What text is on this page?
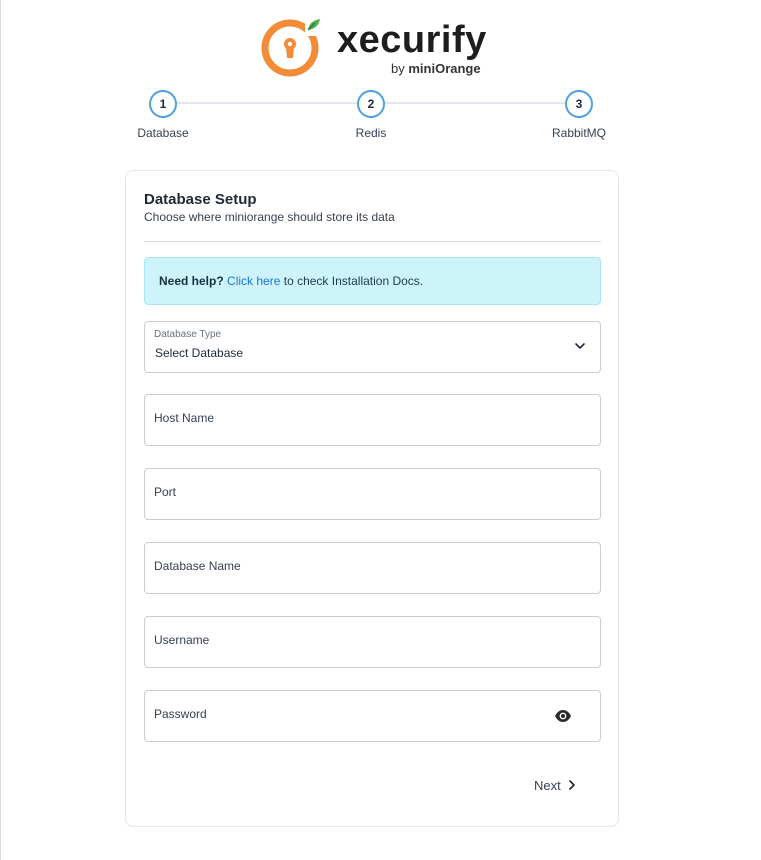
xecurify
by miniOrange
1	2	3
Database	Redis	RabbitMQ
Database Setup
Choose where miniorange should store its data
Need help? Click here to check Installation Docs.
Database Type
Select Database
Host Name
Port
Database Name
Username
Password
Next
